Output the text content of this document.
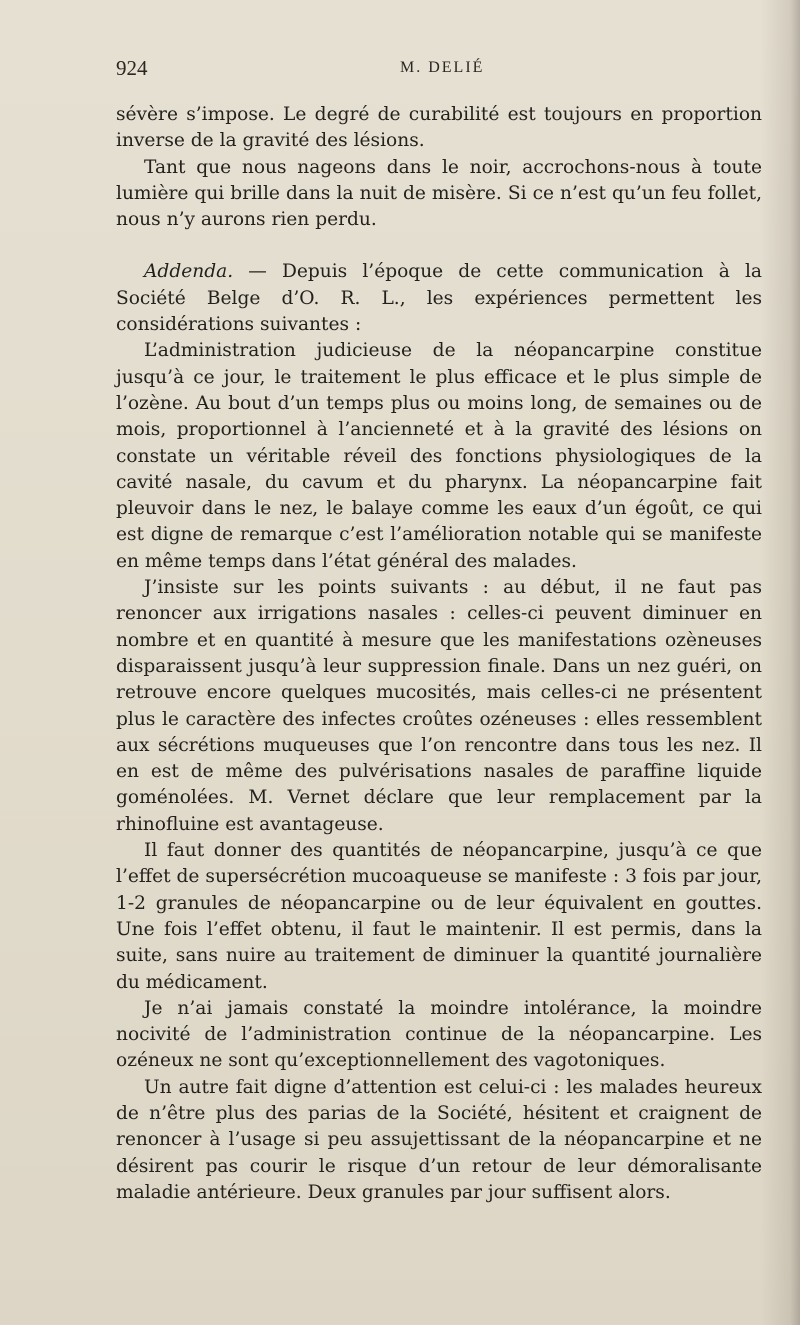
924	M. DELIÉ

sévère s’impose. Le degré de curabilité est toujours en proportion inverse de la gravité des lésions.

Tant que nous nageons dans le noir, accrochons-nous à toute lumière qui brille dans la nuit de misère. Si ce n’est qu’un feu follet, nous n’y aurons rien perdu.

Addenda. — Depuis l’époque de cette communication à la Société Belge d’O. R. L., les expériences permettent les considérations suivantes :

L’administration judicieuse de la néopancarpine constitue jusqu’à ce jour, le traitement le plus efficace et le plus simple de l’ozène. Au bout d’un temps plus ou moins long, de semaines ou de mois, proportionnel à l’ancienneté et à la gravité des lésions on constate un véritable réveil des fonctions physiologiques de la cavité nasale, du cavum et du pharynx. La néopancarpine fait pleuvoir dans le nez, le balaye comme les eaux d’un égoût, ce qui est digne de remarque c’est l’amélioration notable qui se manifeste en même temps dans l’état général des malades.

J’insiste sur les points suivants : au début, il ne faut pas renoncer aux irrigations nasales : celles-ci peuvent diminuer en nombre et en quantité à mesure que les manifestations ozèneuses disparaissent jusqu’à leur suppression finale. Dans un nez guéri, on retrouve encore quelques mucosités, mais celles-ci ne présentent plus le caractère des infectes croûtes ozéneuses : elles ressemblent aux sécrétions muqueuses que l’on rencontre dans tous les nez. Il en est de même des pulvérisations nasales de paraffine liquide goménolées. M. Vernet déclare que leur remplacement par la rhinofluine est avantageuse.

Il faut donner des quantités de néopancarpine, jusqu’à ce que l’effet de supersécrétion mucoaqueuse se manifeste : 3 fois par jour, 1-2 granules de néopancarpine ou de leur équivalent en gouttes. Une fois l’effet obtenu, il faut le maintenir. Il est permis, dans la suite, sans nuire au traitement de diminuer la quantité journalière du médicament.

Je n’ai jamais constaté la moindre intolérance, la moindre nocivité de l’administration continue de la néopancarpine. Les ozéneux ne sont qu’exceptionnellement des vagotoniques.

Un autre fait digne d’attention est celui-ci : les malades heureux de n’être plus des parias de la Société, hésitent et craignent de renoncer à l’usage si peu assujettissant de la néopancarpine et ne désirent pas courir le risque d’un retour de leur démoralisante maladie antérieure. Deux granules par jour suffisent alors.
